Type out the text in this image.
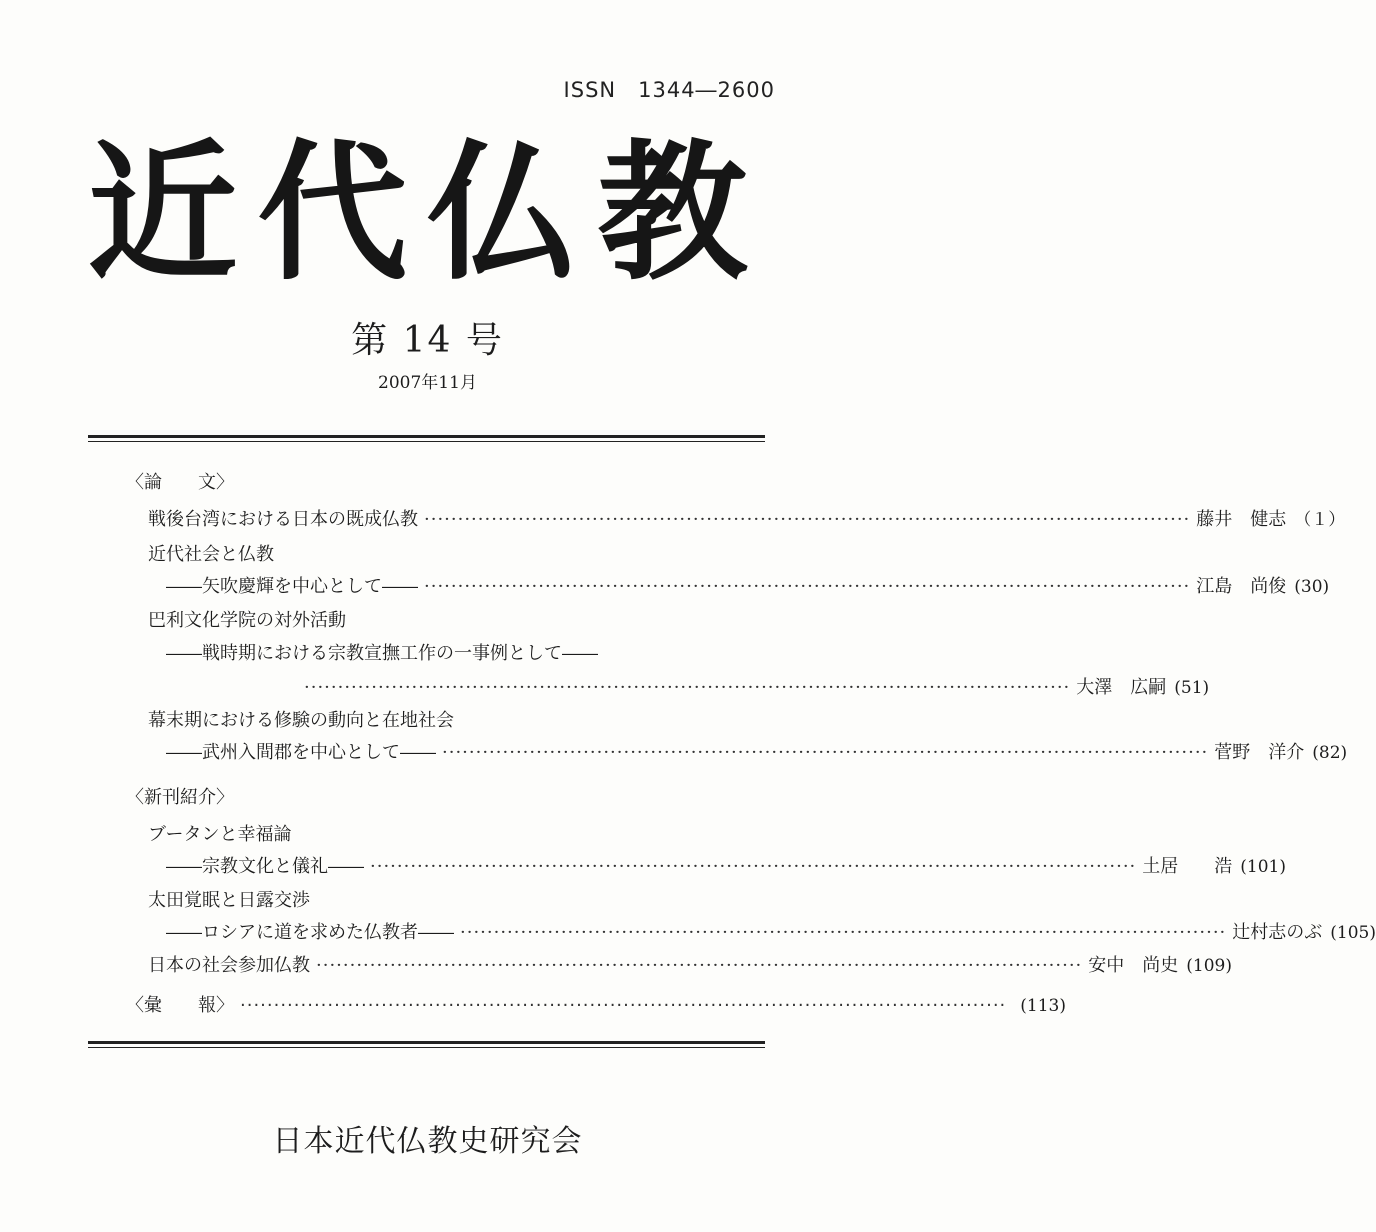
ISSN　1344―2600
近代仏教
第 14 号
2007年11月
〈論　　文〉
戦後台湾における日本の既成仏教 ·················································································································· 藤井　健志 （１）
近代社会と仏教
――矢吹慶輝を中心として―― ·················································································································· 江島　尚俊 (30)
巴利文化学院の対外活動
――戦時期における宗教宣撫工作の一事例として――
·················································································································· 大澤　広嗣 (51)
幕末期における修験の動向と在地社会
――武州入間郡を中心として―― ·················································································································· 菅野　洋介 (82)
〈新刊紹介〉
ブータンと幸福論
――宗教文化と儀礼―― ·················································································································· 土居　　浩 (101)
太田覚眠と日露交渉
――ロシアに道を求めた仏教者―― ·················································································································· 辻村志のぶ (105)
日本の社会参加仏教 ·················································································································· 安中　尚史 (109)
〈彙　　報〉 ·················································································································· (113)
日本近代仏教史研究会
